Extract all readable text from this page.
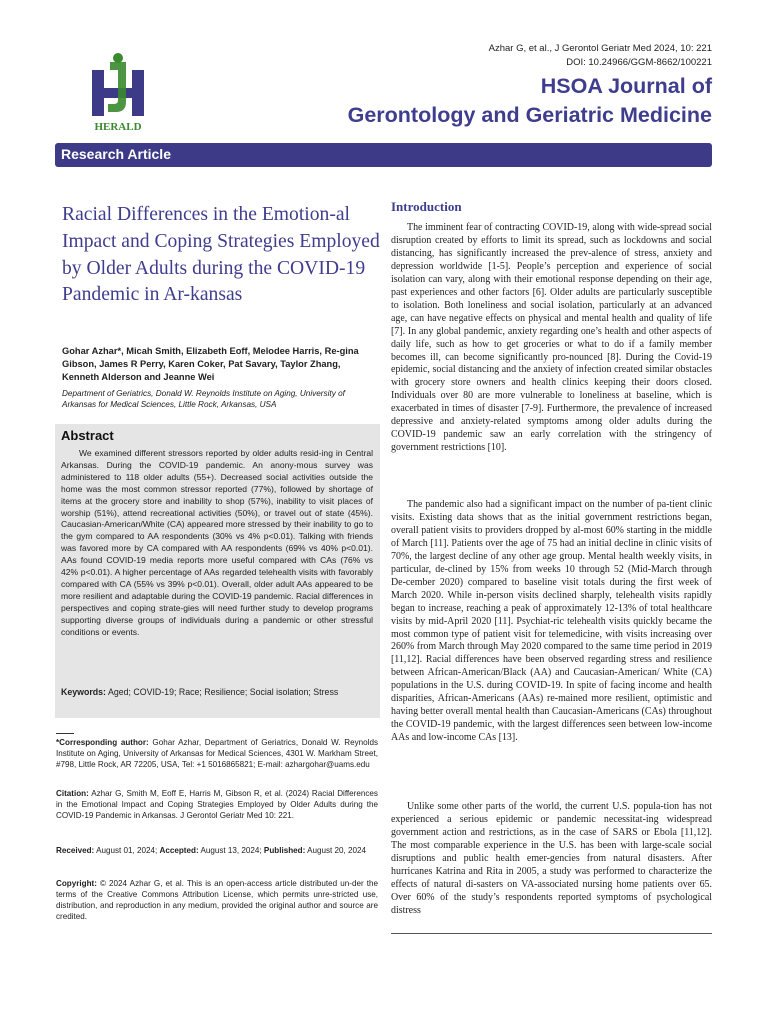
HERALD
Azhar G, et al., J Gerontol Geriatr Med 2024, 10: 221
DOI: 10.24966/GGM-8662/100221
HSOA Journal of
Gerontology and Geriatric Medicine
Research Article
Racial Differences in the Emotion-al Impact and Coping Strategies Employed by Older Adults during the COVID-19 Pandemic in Ar-kansas
Gohar Azhar*, Micah Smith, Elizabeth Eoff, Melodee Harris, Re-gina Gibson, James R Perry, Karen Coker, Pat Savary, Taylor Zhang, Kenneth Alderson and Jeanne Wei
Department of Geriatrics, Donald W. Reynolds Institute on Aging, University of Arkansas for Medical Sciences, Little Rock, Arkansas, USA
Abstract

We examined different stressors reported by older adults resid-ing in Central Arkansas. During the COVID-19 pandemic. An anony-mous survey was administered to 118 older adults (55+). Decreased social activities outside the home was the most common stressor reported (77%), followed by shortage of items at the grocery store and inability to shop (57%), inability to visit places of worship (51%), attend recreational activities (50%), or travel out of state (45%). Caucasian-American/White (CA) appeared more stressed by their inability to go to the gym compared to AA respondents (30% vs 4% p<0.01). Talking with friends was favored more by CA compared with AA respondents (69% vs 40% p<0.01). AAs found COVID-19 media reports more useful compared with CAs (76% vs 42% p<0.01). A higher percentage of AAs regarded telehealth visits with favorably compared with CA (55% vs 39% p<0.01). Overall, older adult AAs appeared to be more resilient and adaptable during the COVID-19 pandemic. Racial differences in perspectives and coping strate-gies will need further study to develop programs supporting diverse groups of individuals during a pandemic or other stressful conditions or events.

Keywords: Aged; COVID-19; Race; Resilience; Social isolation; Stress

*Corresponding author: Gohar Azhar, Department of Geriatrics, Donald W. Reynolds Institute on Aging, University of Arkansas for Medical Sciences, 4301 W. Markham Street, #798, Little Rock, AR 72205, USA, Tel: +1 5016865821; E-mail: azhargohar@uams.edu

Citation: Azhar G, Smith M, Eoff E, Harris M, Gibson R, et al. (2024) Racial Differences in the Emotional Impact and Coping Strategies Employed by Older Adults during the COVID-19 Pandemic in Arkansas. J Gerontol Geriatr Med 10: 221.

Received: August 01, 2024; Accepted: August 13, 2024; Published: August 20, 2024

Copyright: © 2024 Azhar G, et al. This is an open-access article distributed un-der the terms of the Creative Commons Attribution License, which permits unre-stricted use, distribution, and reproduction in any medium, provided the original author and source are credited.

Introduction

The imminent fear of contracting COVID-19, along with wide-spread social disruption created by efforts to limit its spread, such as lockdowns and social distancing, has significantly increased the prev-alence of stress, anxiety and depression worldwide [1-5]. People’s perception and experience of social isolation can vary, along with their emotional response depending on their age, past experiences and other factors [6]. Older adults are particularly susceptible to isolation. Both loneliness and social isolation, particularly at an advanced age, can have negative effects on physical and mental health and quality of life [7]. In any global pandemic, anxiety regarding one’s health and other aspects of daily life, such as how to get groceries or what to do if a family member becomes ill, can become significantly pro-nounced [8]. During the Covid-19 epidemic, social distancing and the anxiety of infection created similar obstacles with grocery store owners and health clinics keeping their doors closed. Individuals over 80 are more vulnerable to loneliness at baseline, which is exacerbated in times of disaster [7-9]. Furthermore, the prevalence of increased depressive and anxiety-related symptoms among older adults during the COVID-19 pandemic saw an early correlation with the stringency of government restrictions [10].

The pandemic also had a significant impact on the number of pa-tient clinic visits. Existing data shows that as the initial government restrictions began, overall patient visits to providers dropped by al-most 60% starting in the middle of March [11]. Patients over the age of 75 had an initial decline in clinic visits of 70%, the largest decline of any other age group. Mental health weekly visits, in particular, de-clined by 15% from weeks 10 through 52 (Mid-March through De-cember 2020) compared to baseline visit totals during the first week of March 2020. While in-person visits declined sharply, telehealth visits rapidly began to increase, reaching a peak of approximately 12-13% of total healthcare visits by mid-April 2020 [11]. Psychiat-ric telehealth visits quickly became the most common type of patient visit for telemedicine, with visits increasing over 260% from March through May 2020 compared to the same time period in 2019 [11,12]. Racial differences have been observed regarding stress and resilience between African-American/Black (AA) and Caucasian-American/ White (CA) populations in the U.S. during COVID-19. In spite of facing income and health disparities, African-Americans (AAs) re-mained more resilient, optimistic and having better overall mental health than Caucasian-Americans (CAs) throughout the COVID-19 pandemic, with the largest differences seen between low-income AAs and low-income CAs [13].

Unlike some other parts of the world, the current U.S. popula-tion has not experienced a serious epidemic or pandemic necessitat-ing widespread government action and restrictions, as in the case of SARS or Ebola [11,12]. The most comparable experience in the U.S. has been with large-scale social disruptions and public health emer-gencies from natural disasters. After hurricanes Katrina and Rita in 2005, a study was performed to characterize the effects of natural di-sasters on VA-associated nursing home patients over 65. Over 60% of the study’s respondents reported symptoms of psychological distress
